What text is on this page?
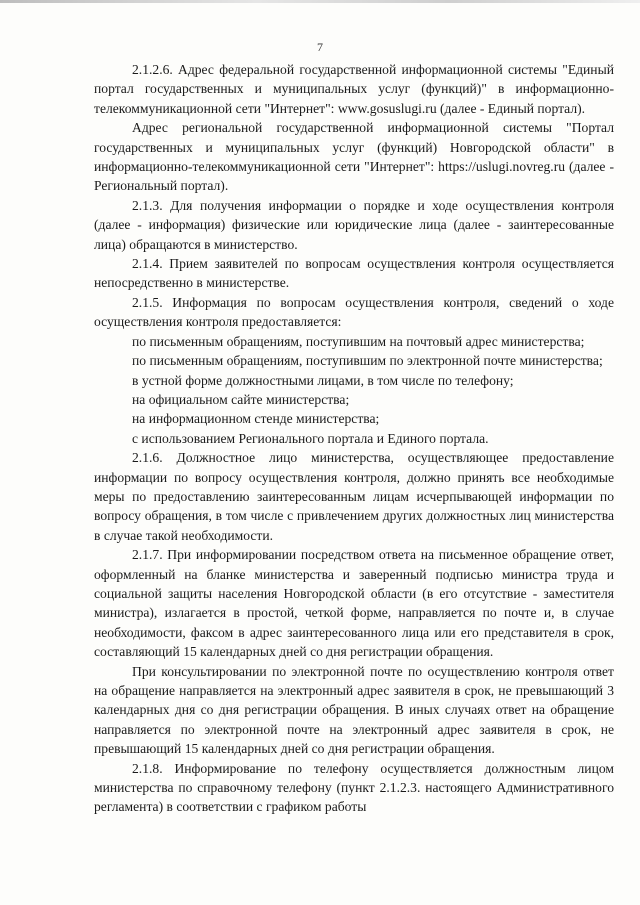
7

2.1.2.6. Адрес федеральной государственной информационной системы "Единый портал государственных и муниципальных услуг (функций)" в информационно-телекоммуникационной сети "Интернет": www.gosuslugi.ru (далее - Единый портал).

Адрес региональной государственной информационной системы "Портал государственных и муниципальных услуг (функций) Новгородской области" в информационно-телекоммуникационной сети "Интернет": https://uslugi.novreg.ru (далее - Региональный портал).

2.1.3. Для получения информации о порядке и ходе осуществления контроля (далее - информация) физические или юридические лица (далее - заинтересованные лица) обращаются в министерство.

2.1.4. Прием заявителей по вопросам осуществления контроля осуществляется непосредственно в министерстве.

2.1.5. Информация по вопросам осуществления контроля, сведений о ходе осуществления контроля предоставляется:

по письменным обращениям, поступившим на почтовый адрес министерства;

по письменным обращениям, поступившим по электронной почте министерства;

в устной форме должностными лицами, в том числе по телефону;

на официальном сайте министерства;

на информационном стенде министерства;

с использованием Регионального портала и Единого портала.

2.1.6. Должностное лицо министерства, осуществляющее предоставление информации по вопросу осуществления контроля, должно принять все необходимые меры по предоставлению заинтересованным лицам исчерпывающей информации по вопросу обращения, в том числе с привлечением других должностных лиц министерства в случае такой необходимости.

2.1.7. При информировании посредством ответа на письменное обращение ответ, оформленный на бланке министерства и заверенный подписью министра труда и социальной защиты населения Новгородской области (в его отсутствие - заместителя министра), излагается в простой, четкой форме, направляется по почте и, в случае необходимости, факсом в адрес заинтересованного лица или его представителя в срок, составляющий 15 календарных дней со дня регистрации обращения.

При консультировании по электронной почте по осуществлению контроля ответ на обращение направляется на электронный адрес заявителя в срок, не превышающий 3 календарных дня со дня регистрации обращения. В иных случаях ответ на обращение направляется по электронной почте на электронный адрес заявителя в срок, не превышающий 15 календарных дней со дня регистрации обращения.

2.1.8. Информирование по телефону осуществляется должностным лицом министерства по справочному телефону (пункт 2.1.2.3. настоящего Административного регламента) в соответствии с графиком работы
